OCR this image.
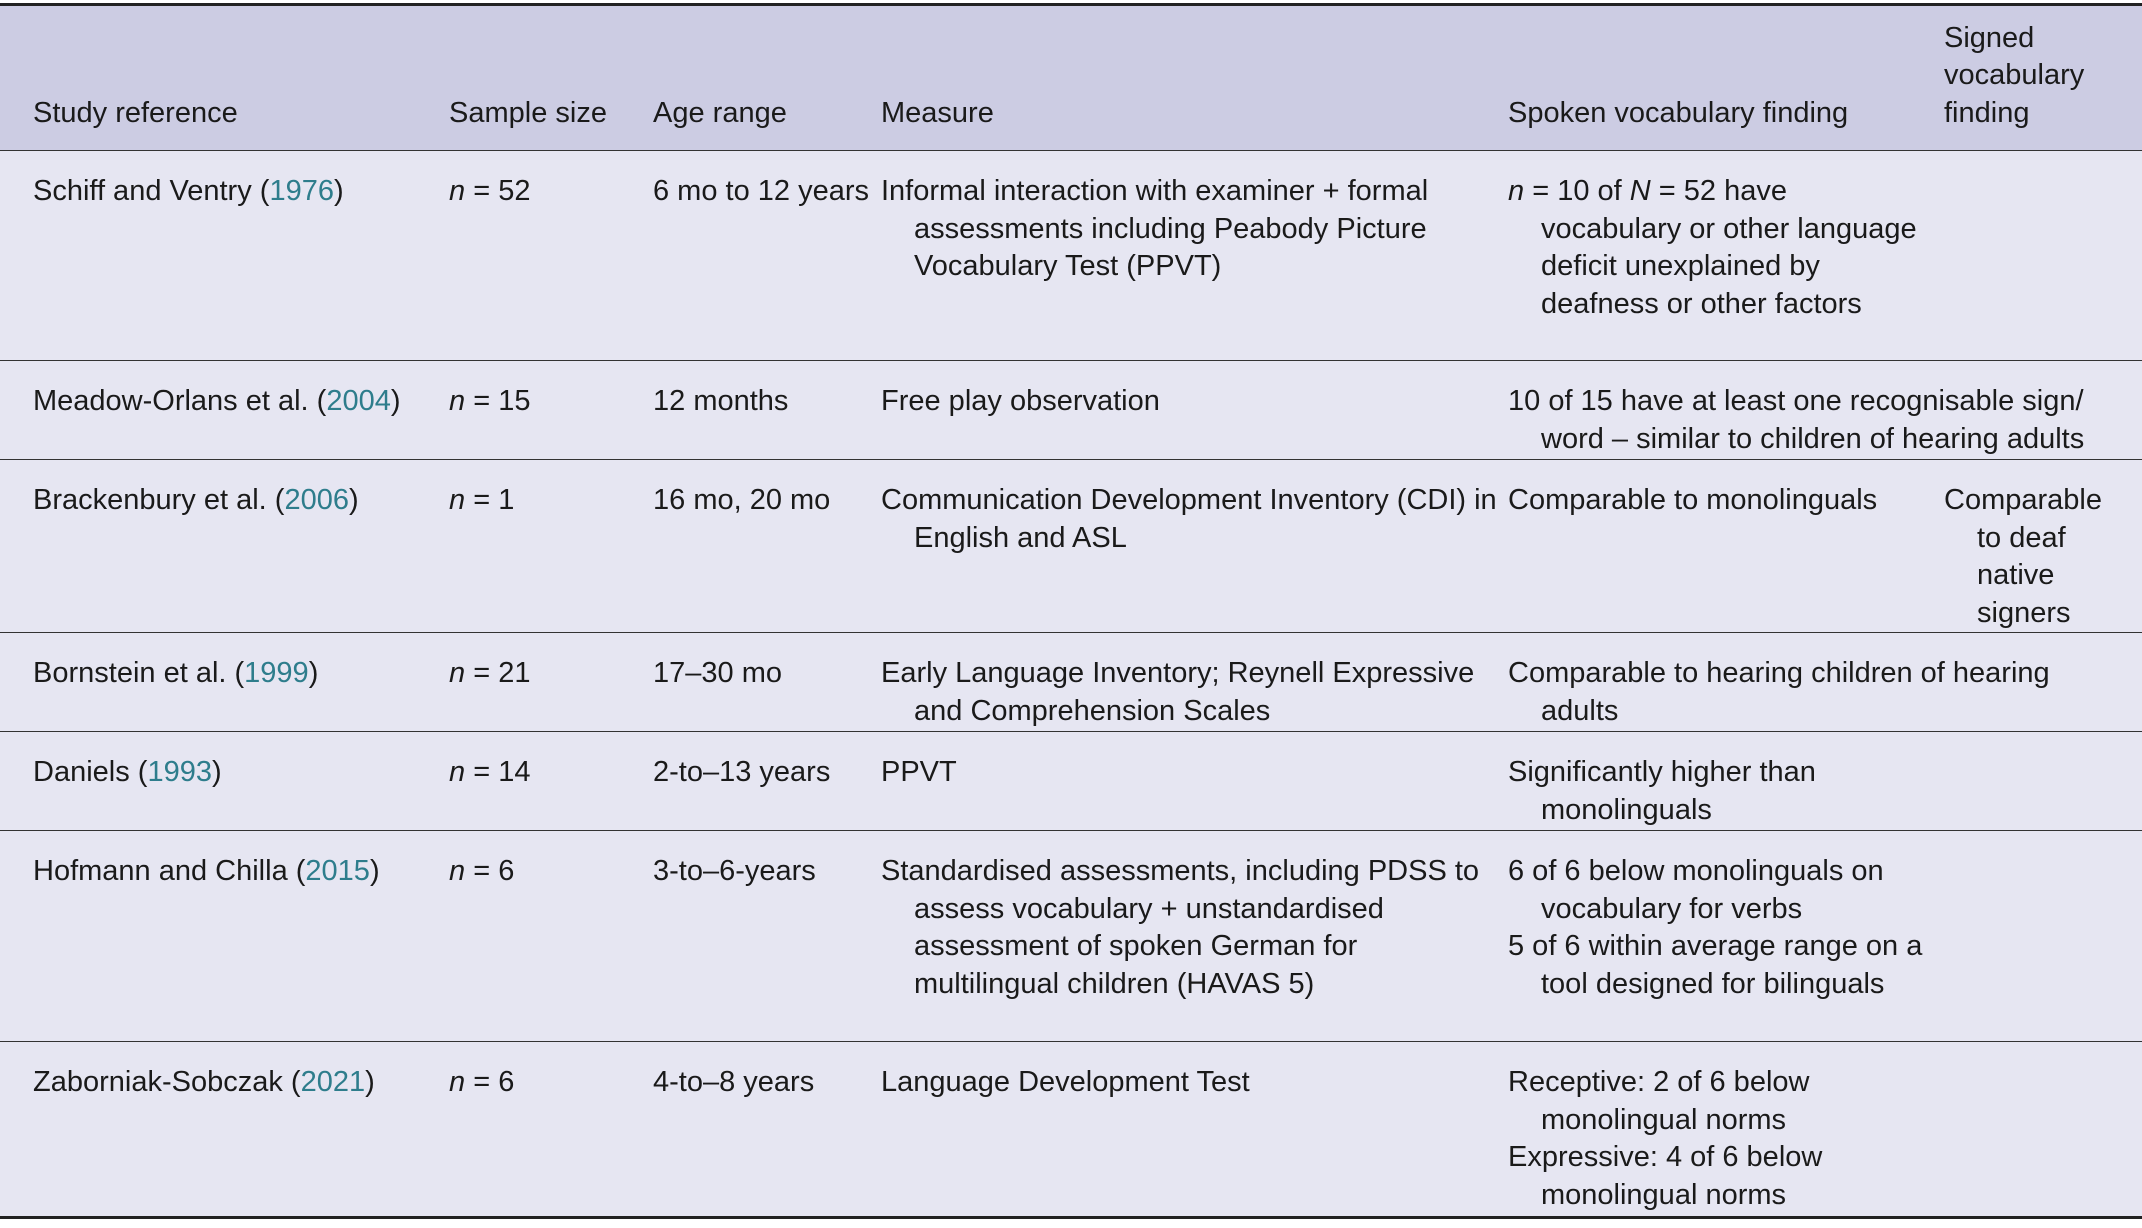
Study reference	Sample size	Age range	Measure	Spoken vocabulary finding	Signed vocabulary finding
Schiff and Ventry (1976)	n = 52	6 mo to 12 years	Informal interaction with examiner + formal assessments including Peabody Picture Vocabulary Test (PPVT)	n = 10 of N = 52 have vocabulary or other language deficit unexplained by deafness or other factors	

Meadow-Orlans et al. (2004)	n = 15	12 months	Free play observation	10 of 15 have at least one recognisable sign/ word – similar to children of hearing adults	

Brackenbury et al. (2006)	n = 1	16 mo, 20 mo	Communication Development Inventory (CDI) in English and ASL	Comparable to monolinguals	Comparable to deaf native signers

Bornstein et al. (1999)	n = 21	17–30 mo	Early Language Inventory; Reynell Expressive and Comprehension Scales	Comparable to hearing children of hearing adults	

Daniels (1993)	n = 14	2-to–13 years	PPVT	Significantly higher than monolinguals	

Hofmann and Chilla (2015)	n = 6	3-to–6-years	Standardised assessments, including PDSS to assess vocabulary + unstandardised assessment of spoken German for multilingual children (HAVAS 5)	6 of 6 below monolinguals on vocabulary for verbs
5 of 6 within average range on a tool designed for bilinguals	

Zaborniak-Sobczak (2021)	n = 6	4-to–8 years	Language Development Test	Receptive: 2 of 6 below monolingual norms
Expressive: 4 of 6 below monolingual norms	
